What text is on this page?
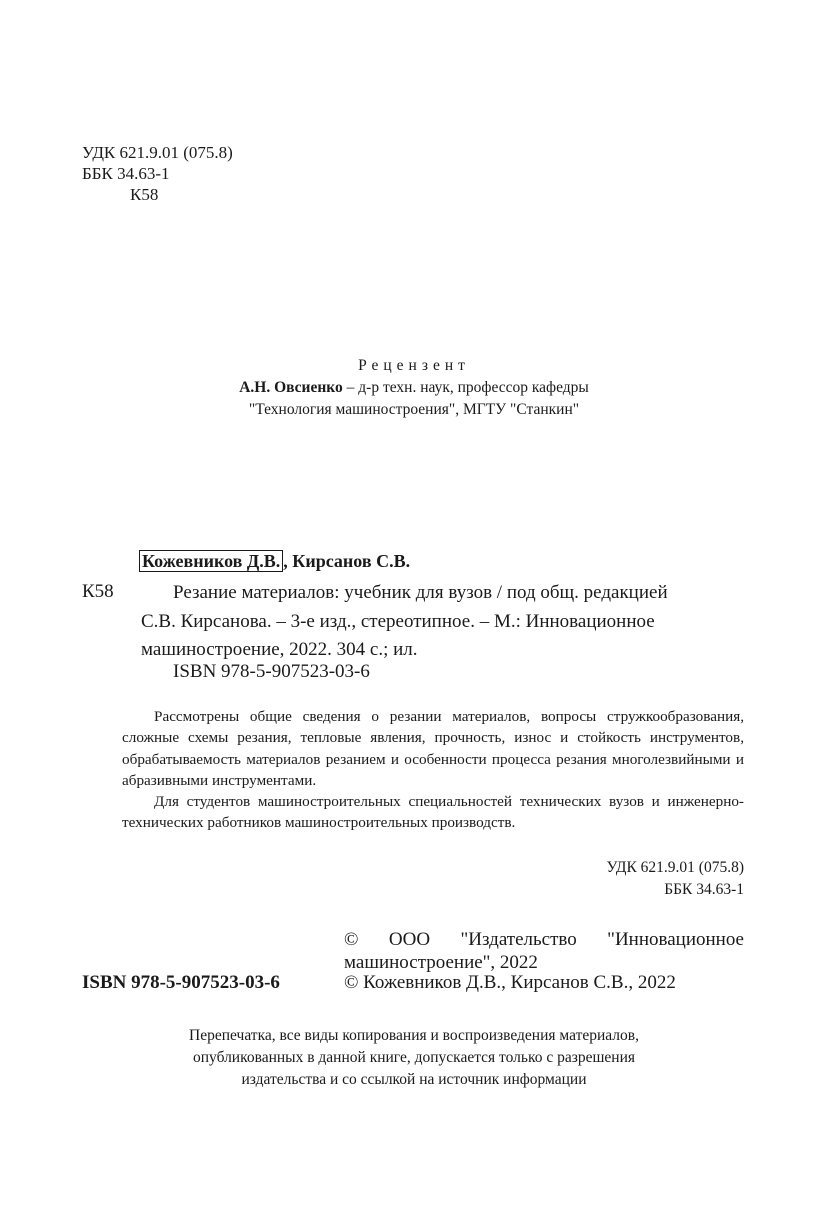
УДК 621.9.01 (075.8)
ББК 34.63-1
К58
Рецензент
А.Н. Овсиенко – д-р техн. наук, профессор кафедры
"Технология машиностроения", МГТУ "Станкин"
Кожевников Д.В. , Кирсанов С.В.
К58	Резание материалов: учебник для вузов / под общ. редакцией
С.В. Кирсанова. – 3-е изд., стереотипное. – М.: Инновационное
машиностроение, 2022. 304 с.; ил.
ISBN 978-5-907523-03-6

Рассмотрены общие сведения о резании материалов, вопросы стружкообразования, сложные схемы резания, тепловые явления, прочность, износ и стойкость инструментов, обрабатываемость материалов резанием и особенности процесса резания многолезвийными и абразивными инструментами.

Для студентов машиностроительных специальностей технических вузов и инженерно-технических работников машиностроительных производств.

УДК 621.9.01 (075.8)
ББК 34.63-1
© ООО "Издательство "Инновационное машиностроение", 2022
ISBN 978-5-907523-03-6	© Кожевников Д.В., Кирсанов С.В., 2022
Перепечатка, все виды копирования и воспроизведения материалов,
опубликованных в данной книге, допускается только с разрешения
издательства и со ссылкой на источник информации
